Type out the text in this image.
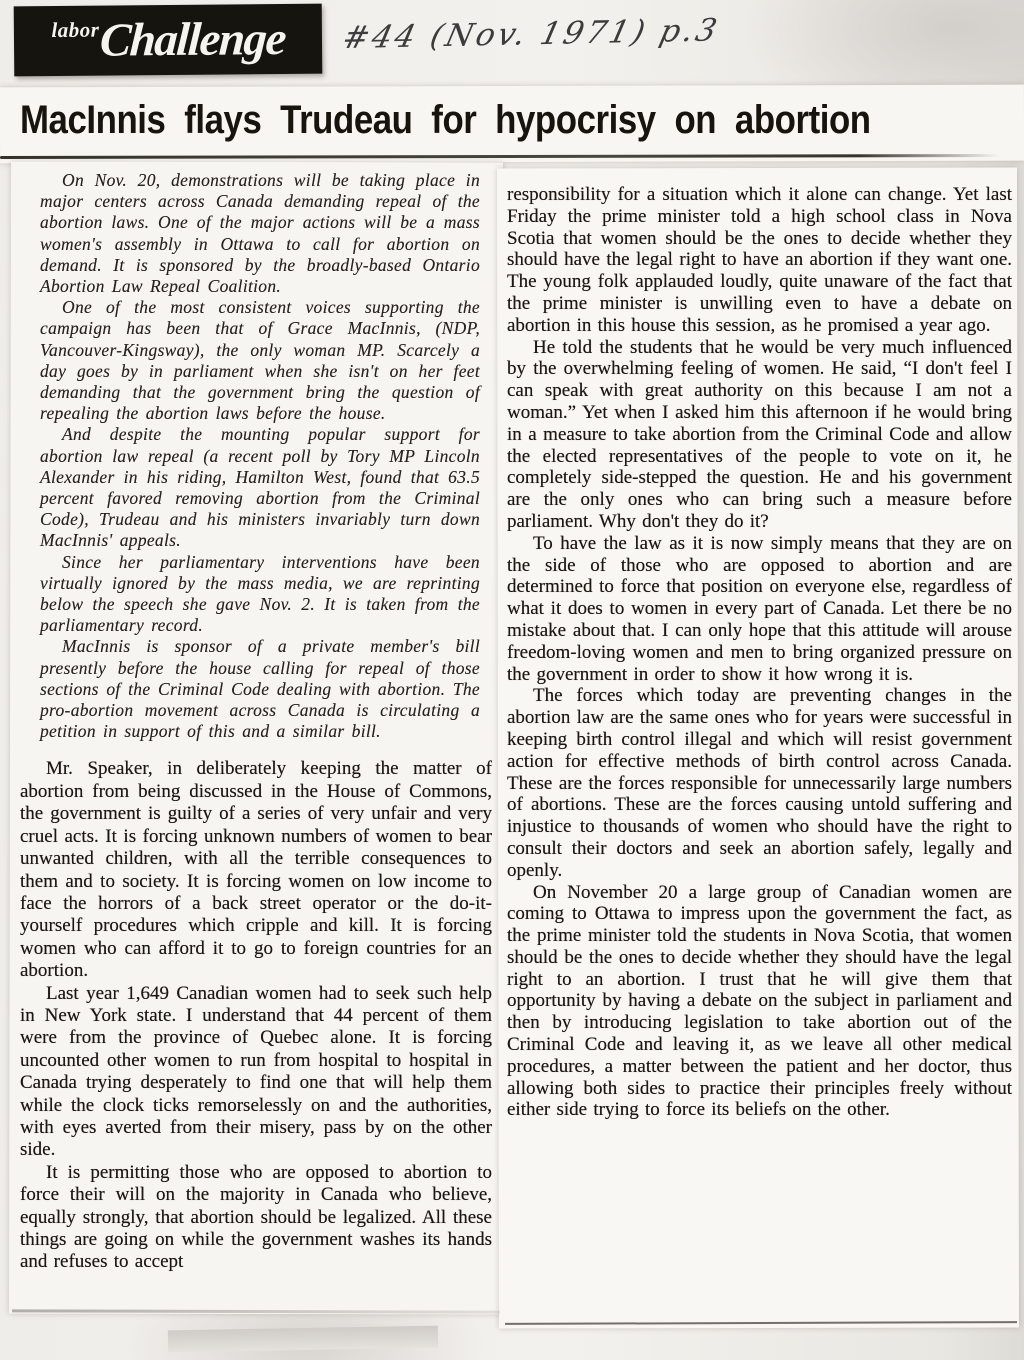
labor
Challenge #44 (Nov. 1971) p.3
MacInnis flays Trudeau for hypocrisy on abortion

On Nov. 20, demonstrations will be taking place in major centers across Canada demanding repeal of the abortion laws. One of the major actions will be a mass women's assembly in Ottawa to call for abortion on demand. It is sponsored by the broadly-based Ontario Abortion Law Repeal Coalition.

One of the most consistent voices supporting the campaign has been that of Grace MacInnis, (NDP, Vancouver-Kingsway), the only woman MP. Scarcely a day goes by in parliament when she isn't on her feet demanding that the government bring the question of repealing the abortion laws before the house.

And despite the mounting popular support for abortion law repeal (a recent poll by Tory MP Lincoln Alexander in his riding, Hamilton West, found that 63.5 percent favored removing abortion from the Criminal Code), Trudeau and his ministers invariably turn down MacInnis' appeals.

Since her parliamentary interventions have been virtually ignored by the mass media, we are reprinting below the speech she gave Nov. 2. It is taken from the parliamentary record.

MacInnis is sponsor of a private member's bill presently before the house calling for repeal of those sections of the Criminal Code dealing with abortion. The pro-abortion movement across Canada is circulating a petition in support of this and a similar bill.

Mr. Speaker, in deliberately keeping the matter of abortion from being discussed in the House of Commons, the government is guilty of a series of very unfair and very cruel acts. It is forcing unknown numbers of women to bear unwanted children, with all the terrible consequences to them and to society. It is forcing women on low income to face the horrors of a back street operator or the do-it-yourself procedures which cripple and kill. It is forcing women who can afford it to go to foreign countries for an abortion.

Last year 1,649 Canadian women had to seek such help in New York state. I understand that 44 percent of them were from the province of Quebec alone. It is forcing uncounted other women to run from hospital to hospital in Canada trying desperately to find one that will help them while the clock ticks remorselessly on and the authorities, with eyes averted from their misery, pass by on the other side.

It is permitting those who are opposed to abortion to force their will on the majority in Canada who believe, equally strongly, that abortion should be legalized. All these things are going on while the government washes its hands and refuses to accept

responsibility for a situation which it alone can change. Yet last Friday the prime minister told a high school class in Nova Scotia that women should be the ones to decide whether they should have the legal right to have an abortion if they want one. The young folk applauded loudly, quite unaware of the fact that the prime minister is unwilling even to have a debate on abortion in this house this session, as he promised a year ago.

He told the students that he would be very much influenced by the overwhelming feeling of women. He said, “I don't feel I can speak with great authority on this because I am not a woman.” Yet when I asked him this afternoon if he would bring in a measure to take abortion from the Criminal Code and allow the elected representatives of the people to vote on it, he completely side-stepped the question. He and his government are the only ones who can bring such a measure before parliament. Why don't they do it?

To have the law as it is now simply means that they are on the side of those who are opposed to abortion and are determined to force that position on everyone else, regardless of what it does to women in every part of Canada. Let there be no mistake about that. I can only hope that this attitude will arouse freedom-loving women and men to bring organized pressure on the government in order to show it how wrong it is.

The forces which today are preventing changes in the abortion law are the same ones who for years were successful in keeping birth control illegal and which will resist government action for effective methods of birth control across Canada. These are the forces responsible for unnecessarily large numbers of abortions. These are the forces causing untold suffering and injustice to thousands of women who should have the right to consult their doctors and seek an abortion safely, legally and openly.

On November 20 a large group of Canadian women are coming to Ottawa to impress upon the government the fact, as the prime minister told the students in Nova Scotia, that women should be the ones to decide whether they should have the legal right to an abortion. I trust that he will give them that opportunity by having a debate on the subject in parliament and then by introducing legislation to take abortion out of the Criminal Code and leaving it, as we leave all other medical procedures, a matter between the patient and her doctor, thus allowing both sides to practice their principles freely without either side trying to force its beliefs on the other.
